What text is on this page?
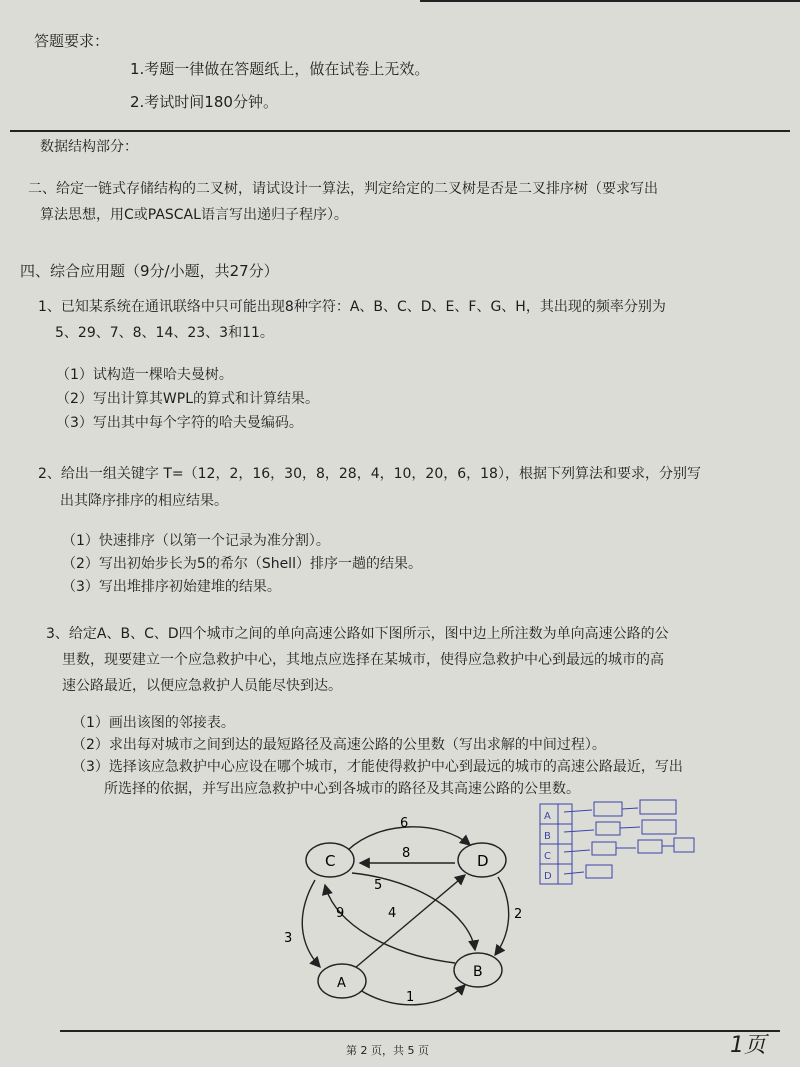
答题要求：
1.考题一律做在答题纸上，做在试卷上无效。
2.考试时间180分钟。
数据结构部分：
二、给定一链式存储结构的二叉树，请试设计一算法，判定给定的二叉树是否是二叉排序树（要求写出
算法思想，用C或PASCAL语言写出递归子程序）。
四、综合应用题（9分/小题，共27分）
1、已知某系统在通讯联络中只可能出现8种字符：A、B、C、D、E、F、G、H，其出现的频率分别为
5、29、7、8、14、23、3和11。
（1）试构造一棵哈夫曼树。
（2）写出计算其WPL的算式和计算结果。
（3）写出其中每个字符的哈夫曼编码。
2、给出一组关键字 T=（12，2，16，30，8，28，4，10，20，6，18），根据下列算法和要求，分别写
出其降序排序的相应结果。
（1）快速排序（以第一个记录为准分割）。
（2）写出初始步长为5的希尔（Shell）排序一趟的结果。
（3）写出堆排序初始建堆的结果。
3、给定A、B、C、D四个城市之间的单向高速公路如下图所示，图中边上所注数为单向高速公路的公
里数，现要建立一个应急救护中心，其地点应选择在某城市，使得应急救护中心到最远的城市的高
速公路最近，以便应急救护人员能尽快到达。
（1）画出该图的邻接表。
（2）求出每对城市之间到达的最短路径及高速公路的公里数（写出求解的中间过程）。
（3）选择该应急救护中心应设在哪个城市，才能使得救护中心到最远的城市的高速公路最近，写出
所选择的依据，并写出应急救护中心到各城市的路径及其高速公路的公里数。
C	D
A
B
6
8
5
9	4
3
2
1
A
B
C
D
第 2 页，共 5 页	1页
